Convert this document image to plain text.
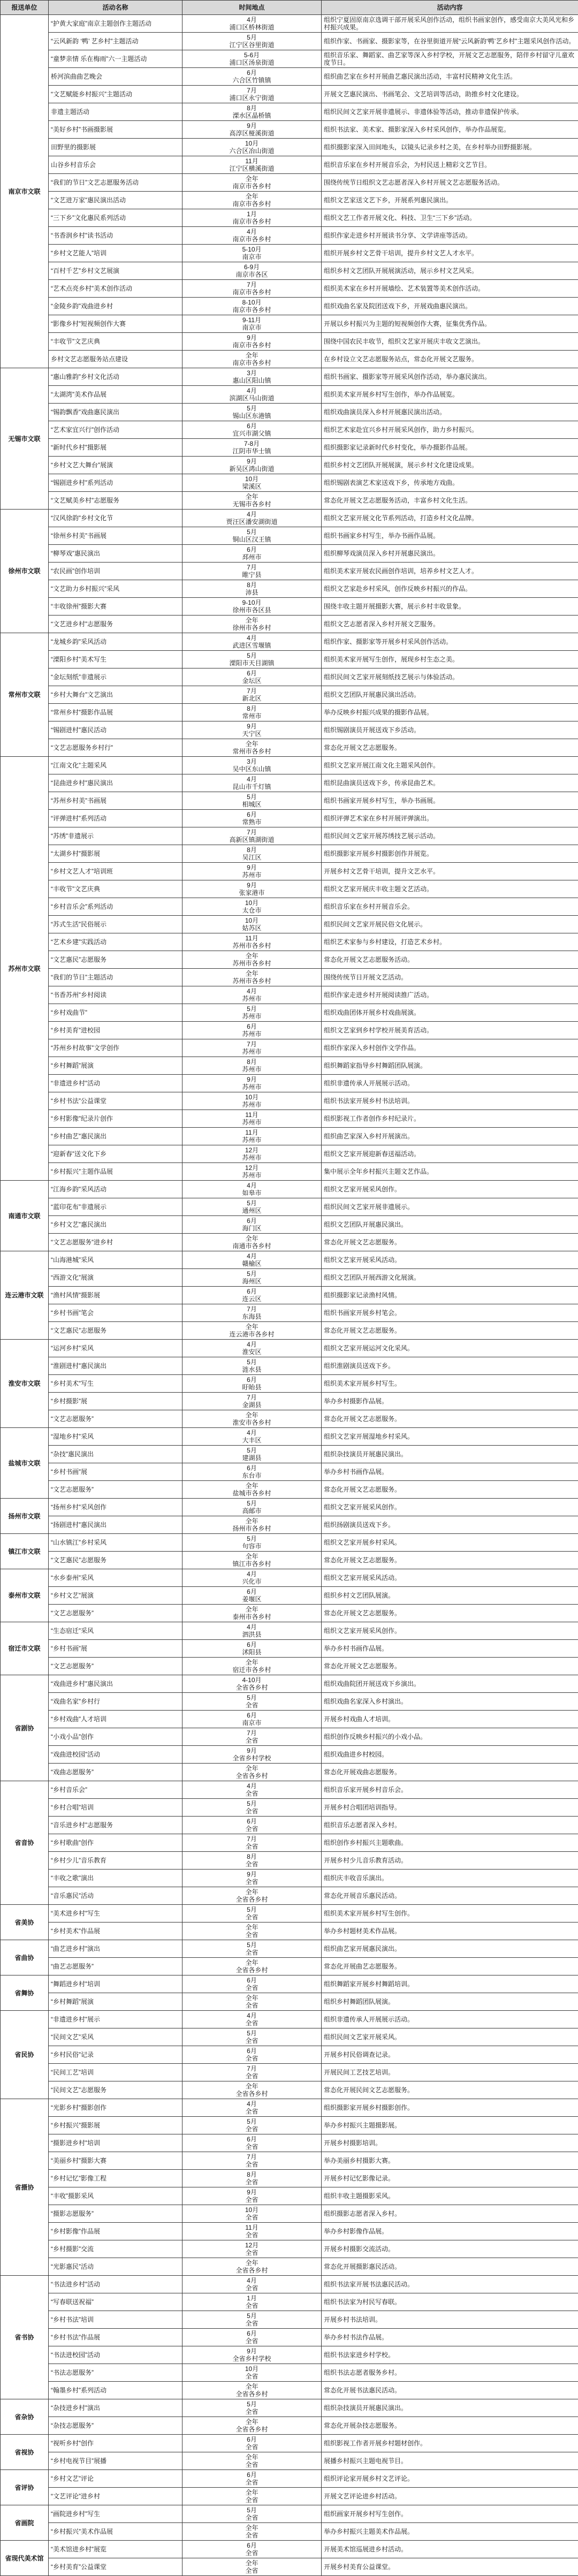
报送单位	活动名称	时间地点	活动内容
南京市文联	“护黄大家庭”南京主题创作主题活动	4月
浦口区桥林街道	组织宁夏固原南京选调干部开展采风创作活动，组织书画家创作，感受南京大美风光和乡村振兴成果。
	“云风新韵 ‘鸭’ 艺乡村”主题活动	5月
江宁区谷里街道	组织作家、书画家、摄影家等，在谷里街道开展“云风新韵‘鸭’艺乡村”主题采风创作活动。
	“童梦亲情 乐在梅雨”六一主题活动	5-6月
浦口区汤泉街道	组织音乐家、舞蹈家、曲艺家等深入乡村学校，开展文艺志愿服务，陪伴乡村留守儿童欢度节日。
	桥河滨曲曲艺晚会	6月
六合区竹镇镇	组织曲艺家在乡村开展曲艺惠民演出活动，丰富村民精神文化生活。
	“文艺赋能乡村振兴”主题活动	7月
浦口区永宁街道	开展文艺惠民演出、书画笔会、文艺培训等活动，助推乡村文化建设。
	非遗主题活动	8月
溧水区晶桥镇	组织民间文艺家开展非遗展示、非遗体验等活动，推动非遗保护传承。
	“美好乡村”书画摄影展	9月
高淳区桠溪街道	组织书法家、美术家、摄影家深入乡村采风创作，举办作品展览。
	田野里的摄影展	10月
六合区冶山街道	组织摄影家深入田间地头，以镜头记录乡村之美，在乡村举办田野摄影展。
	山谷乡村音乐会	11月
江宁区横溪街道	组织音乐家在乡村开展音乐会，为村民送上精彩文艺节目。
	“我们的节日”文艺志愿服务活动	全年
南京市各乡村	围绕传统节日组织文艺志愿者深入乡村开展文艺志愿服务活动。
	“文艺进万家”惠民演出活动	全年
南京市各乡村	组织文艺家送文艺下乡，开展系列惠民演出。
	“三下乡”文化惠民系列活动	1月
南京市各乡村	组织文艺工作者开展文化、科技、卫生“三下乡”活动。
	“书香润乡村”读书活动	4月
南京市各乡村	组织作家走进乡村开展读书分享、文学讲座等活动。
	“乡村文艺能人”培训	5-10月
南京市	组织开展乡村文艺骨干培训，提升乡村文艺人才水平。
	“百村千艺”乡村文艺展演	6-9月
南京市各区	组织乡村文艺团队开展展演活动，展示乡村文艺风采。
	“艺术点亮乡村”美术创作活动	7月
南京市各乡村	组织美术家在乡村开展墙绘、艺术装置等美术创作活动。
	“金陵乡韵”戏曲进乡村	8-10月
南京市各乡村	组织戏曲名家及院团送戏下乡，开展戏曲惠民演出。
	“影像乡村”短视频创作大赛	9-11月
南京市	开展以乡村振兴为主题的短视频创作大赛，征集优秀作品。
	“丰收节”文艺庆典	9月
南京市各乡村	围绕中国农民丰收节，组织文艺家开展庆丰收文艺演出。
	乡村文艺志愿服务站点建设	全年
南京市各乡村	在乡村设立文艺志愿服务站点，常态化开展文艺服务。
无锡市文联	“惠山雅韵”乡村文化活动	3月
惠山区阳山镇	组织书画家、摄影家等开展采风创作活动，举办惠民演出。
	“太湖湾”美术作品展	4月
滨湖区马山街道	组织美术家开展乡村写生创作，举办作品展览。
	“锡韵飘香”戏曲惠民演出	5月
锡山区东港镇	组织戏曲演员深入乡村开展惠民演出活动。
	“艺术家宜兴行”创作活动	6月
宜兴市湖父镇	组织艺术家赴宜兴乡村开展采风创作，助力乡村振兴。
	“新时代乡村”摄影展	7-8月
江阴市华士镇	组织摄影家记录新时代乡村变化，举办摄影作品展。
	“乡村文艺大舞台”展演	9月
新吴区鸿山街道	组织乡村文艺团队开展展演，展示乡村文化建设成果。
	“锡剧进乡村”系列活动	10月
梁溪区	组织锡剧表演艺术家送戏下乡，传承地方戏曲。
	“文艺赋美乡村”志愿服务	全年
无锡市各乡村	常态化开展文艺志愿服务活动，丰富乡村文化生活。
徐州市文联	“汉风徐韵”乡村文化节	4月
贾汪区潘安湖街道	组织文艺家开展文化节系列活动，打造乡村文化品牌。
	“徐州乡村美”书画展	5月
铜山区汉王镇	组织书画家乡村写生，举办书画作品展。
	“柳琴戏”惠民演出	6月
邳州市	组织柳琴戏演员深入乡村开展惠民演出。
	“农民画”创作培训	7月
睢宁县	组织美术家开展农民画创作培训，培养乡村文艺人才。
	“文艺助力乡村振兴”采风	8月
沛县	组织文艺家赴乡村采风，创作反映乡村振兴的作品。
	“丰收徐州”摄影大赛	9-10月
徐州市各区县	围绕丰收主题开展摄影大赛，展示乡村丰收景象。
	“文艺进乡村”志愿服务	全年
徐州市各乡村	组织文艺志愿者深入乡村开展文艺服务。
常州市文联	“龙城乡韵”采风活动	4月
武进区雪堰镇	组织作家、摄影家等开展乡村采风创作活动。
	“溧阳乡村”美术写生	5月
溧阳市天目湖镇	组织美术家开展写生创作，展现乡村生态之美。
	“金坛刻纸”非遗展示	6月
金坛区	组织民间文艺家开展刻纸技艺展示与体验活动。
	“乡村大舞台”文艺演出	7月
新北区	组织文艺团队开展惠民演出活动。
	“常州乡村”摄影作品展	8月
常州市	举办反映乡村振兴成果的摄影作品展。
	“锡剧进村”惠民活动	9月
天宁区	组织锡剧演员开展送戏下乡活动。
	“文艺志愿服务乡村行”	全年
常州市各乡村	常态化开展文艺志愿服务。
苏州市文联	“江南文化”主题采风	3月
吴中区东山镇	组织文艺家开展江南文化主题采风创作。
	“昆曲进乡村”惠民演出	4月
昆山市千灯镇	组织昆曲演员送戏下乡，传承昆曲艺术。
	“苏州乡村美”书画展	5月
相城区	组织书画家开展乡村写生，举办书画展。
	“评弹进村”系列活动	6月
常熟市	组织评弹艺术家在乡村开展评弹演出。
	“苏绣”非遗展示	7月
高新区镇湖街道	组织民间文艺家开展苏绣技艺展示活动。
	“太湖乡村”摄影展	8月
吴江区	组织摄影家开展乡村摄影创作并展览。
	“乡村文艺人才”培训班	9月
苏州市	开展乡村文艺骨干培训，提升文艺水平。
	“丰收节”文艺庆典	9月
张家港市	组织文艺家开展庆丰收主题文艺活动。
	“乡村音乐会”系列活动	10月
太仓市	组织音乐家在乡村开展音乐会。
	“苏式生活”民俗展示	10月
姑苏区	组织民间文艺家开展民俗文化展示。
	“艺术乡建”实践活动	11月
苏州市各乡村	组织艺术家参与乡村建设，打造艺术乡村。
	“文艺惠民”志愿服务	全年
苏州市各乡村	常态化开展文艺志愿服务活动。
	“我们的节日”主题活动	全年
苏州市各乡村	围绕传统节日开展文艺活动。
	“书香苏州”乡村阅读	4月
苏州市	组织作家走进乡村开展阅读推广活动。
	“乡村戏曲节”	5月
苏州市	组织戏曲团体开展乡村戏曲展演。
	“乡村美育”进校园	6月
苏州市	组织文艺家到乡村学校开展美育活动。
	“苏州乡村故事”文学创作	7月
苏州市	组织作家深入乡村创作文学作品。
	“乡村舞蹈”展演	8月
苏州市	组织舞蹈家指导乡村舞蹈团队展演。
	“非遗进乡村”活动	9月
苏州市	组织非遗传承人开展展示活动。
	“乡村书法”公益课堂	10月
苏州市	组织书法家开展乡村书法培训。
	“乡村影像”纪录片创作	11月
苏州市	组织影视工作者创作乡村纪录片。
	“乡村曲艺”惠民演出	11月
苏州市	组织曲艺家深入乡村开展演出。
	“迎新春”送文化下乡	12月
苏州市	组织文艺家开展迎新春送福活动。
	“乡村振兴”主题作品展	12月
苏州市	集中展示全年乡村振兴主题文艺作品。
南通市文联	“江海乡韵”采风活动	4月
如皋市	组织文艺家开展采风创作。
	“蓝印花布”非遗展示	5月
通州区	组织民间文艺家开展非遗展示。
	“乡村文艺”惠民演出	6月
海门区	组织文艺团队开展惠民演出。
	“文艺志愿服务”进乡村	全年
南通市各乡村	常态化开展文艺志愿服务。
连云港市文联	“山海港城”采风	4月
赣榆区	组织文艺家开展采风活动。
	“西游文化”展演	5月
海州区	组织文艺团队开展西游文化展演。
	“渔村风情”摄影展	6月
连云区	组织摄影家记录渔村风情。
	“乡村书画”笔会	7月
东海县	组织书画家开展乡村笔会。
	“文艺惠民”志愿服务	全年
连云港市各乡村	常态化开展文艺志愿服务。
淮安市文联	“运河乡村”采风	4月
淮安区	组织文艺家开展运河文化采风。
	“淮剧进村”惠民演出	5月
涟水县	组织淮剧演员送戏下乡。
	“乡村美术”写生	6月
盱眙县	组织美术家开展乡村写生。
	“乡村摄影”展	7月
金湖县	举办乡村摄影作品展。
	“文艺志愿服务”	全年
淮安市各乡村	常态化开展文艺志愿服务。
盐城市文联	“湿地乡村”采风	4月
大丰区	组织文艺家开展湿地乡村采风。
	“杂技”惠民演出	5月
建湖县	组织杂技演员开展惠民演出。
	“乡村书画”展	6月
东台市	举办乡村书画作品展。
	“文艺志愿服务”	全年
盐城市各乡村	常态化开展文艺志愿服务。
扬州市文联	“扬州乡村”采风创作	5月
高邮市	组织文艺家开展采风创作。
	“扬剧进村”惠民演出	全年
扬州市各乡村	组织扬剧演员送戏下乡。
镇江市文联	“山水镇江”乡村采风	5月
句容市	组织文艺家开展乡村采风。
	“文艺惠民”志愿服务	全年
镇江市各乡村	常态化开展文艺志愿服务。
泰州市文联	“水乡泰州”采风	4月
兴化市	组织文艺家开展采风活动。
	“乡村文艺”展演	6月
姜堰区	组织乡村文艺团队展演。
	“文艺志愿服务”	全年
泰州市各乡村	常态化开展文艺志愿服务。
宿迁市文联	“生态宿迁”采风	4月
泗洪县	组织文艺家开展采风创作。
	“乡村书画”展	6月
沭阳县	举办乡村书画作品展。
	“文艺志愿服务”	全年
宿迁市各乡村	常态化开展文艺志愿服务。
省剧协	“戏曲进乡村”惠民演出	4-10月
全省各乡村	组织戏曲院团开展送戏下乡演出。
	“戏曲名家”乡村行	5月
全省	组织戏曲名家深入乡村演出。
	“乡村戏曲”人才培训	6月
南京市	开展乡村戏曲人才培训。
	“小戏小品”创作	7月
全省	组织创作反映乡村振兴的小戏小品。
	“戏曲进校园”活动	9月
全省乡村学校	组织戏曲进乡村校园。
	“戏曲志愿服务”	全年
全省各乡村	常态化开展戏曲志愿服务。
省音协	“乡村音乐会”	4月
全省	组织音乐家开展乡村音乐会。
	“乡村合唱”培训	5月
全省	开展乡村合唱团培训指导。
	“音乐进乡村”志愿服务	6月
全省	组织音乐志愿者深入乡村。
	“乡村歌曲”创作	7月
全省	组织创作乡村振兴主题歌曲。
	“乡村少儿”音乐教育	8月
全省	开展乡村少儿音乐教育活动。
	“丰收之歌”演出	9月
全省	组织庆丰收音乐演出。
	“音乐惠民”活动	全年
全省各乡村	常态化开展音乐惠民活动。
省美协	“美术进乡村”写生	5月
全省	组织美术家开展乡村写生创作。
	“乡村美术”作品展	全年
全省	举办乡村题材美术作品展。
省曲协	“曲艺进乡村”演出	5月
全省	组织曲艺家开展惠民演出。
	“曲艺志愿服务”	全年
全省各乡村	常态化开展曲艺志愿服务。
省舞协	“舞蹈进乡村”培训	6月
全省	组织舞蹈家开展乡村舞蹈培训。
	“乡村舞蹈”展演	全年
全省	组织乡村舞蹈团队展演。
省民协	“非遗进乡村”展示	4月
全省	组织非遗传承人开展展示活动。
	“民间文艺”采风	5月
全省	组织民间文艺家开展采风。
	“乡村民俗”记录	6月
全省	开展乡村民俗调查记录。
	“民间工艺”培训	7月
全省	开展民间工艺技艺培训。
	“民间文艺”志愿服务	全年
全省各乡村	常态化开展民间文艺志愿服务。
省摄协	“光影乡村”摄影创作	4月
全省	组织摄影家开展乡村摄影创作。
	“乡村振兴”摄影展	5月
全省	举办乡村振兴主题摄影展。
	“摄影进乡村”培训	6月
全省	开展乡村摄影培训。
	“美丽乡村”摄影大赛	7月
全省	举办美丽乡村摄影大赛。
	“乡村记忆”影像工程	8月
全省	开展乡村记忆影像记录。
	“丰收”摄影采风	9月
全省	组织丰收主题摄影采风。
	“摄影志愿服务”	10月
全省	组织摄影志愿者深入乡村。
	“乡村影像”作品展	11月
全省	举办乡村影像作品展。
	“乡村摄影”交流	12月
全省	开展乡村摄影交流活动。
	“光影惠民”活动	全年
全省各乡村	常态化开展摄影惠民活动。
省书协	“书法进乡村”活动	4月
全省	组织书法家开展书法惠民活动。
	“写春联送祝福”	1月
全省	组织书法家为村民写春联。
	“乡村书法”培训	5月
全省	开展乡村书法培训。
	“乡村书法”作品展	6月
全省	举办乡村书法作品展。
	“书法进校园”活动	9月
全省乡村学校	组织书法家进乡村学校。
	“书法志愿服务”	10月
全省	组织书法志愿者服务乡村。
	“翰墨乡村”系列活动	全年
全省各乡村	常态化开展书法惠民活动。
省杂协	“杂技进乡村”演出	5月
全省	组织杂技演员开展惠民演出。
	“杂技志愿服务”	全年
全省各乡村	常态化开展杂技志愿服务。
省视协	“视听乡村”创作	6月
全省	组织影视工作者开展乡村题材创作。
	“乡村电视节目”展播	全年
全省	展播乡村振兴主题电视节目。
省评协	“乡村文艺”评论	6月
全省	组织评论家开展乡村文艺评论。
	“文艺评论”进乡村	全年
全省	开展文艺评论进乡村活动。
省画院	“画院进乡村”写生	5月
全省	组织画家开展乡村写生创作。
	“乡村振兴”美术作品展	全年
全省	举办乡村振兴主题美术作品展。
省现代美术馆	“美术馆进乡村”展览	6月
全省	开展美术馆巡展进乡村活动。
	“乡村美育”公益课堂	全年
全省	开展乡村美育公益课堂。
